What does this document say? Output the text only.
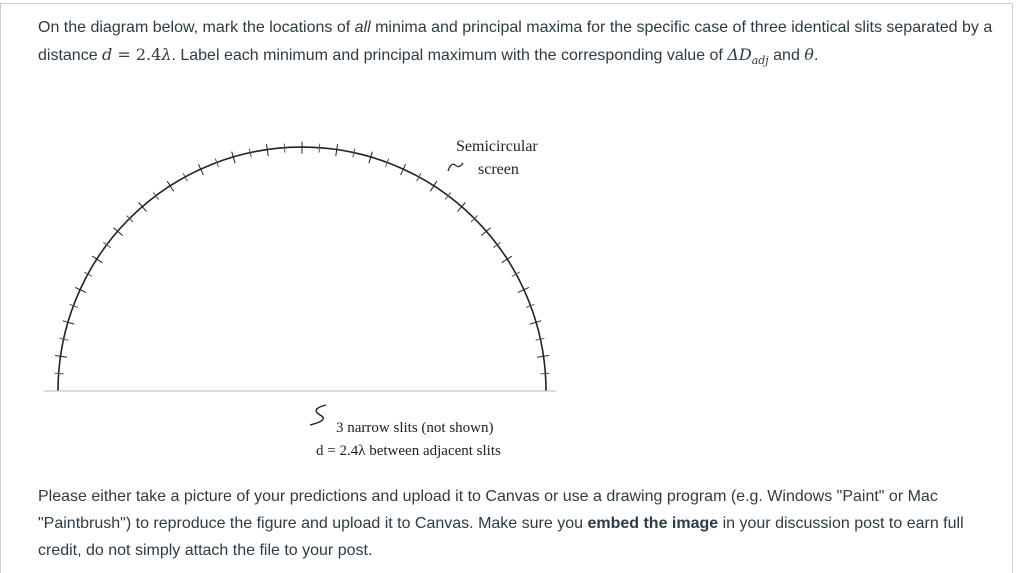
On the diagram below, mark the locations of all minima and principal maxima for the specific case of three identical slits separated by a distance d = 2.4λ. Label each minimum and principal maximum with the corresponding value of $\Delta D_{adj}$ and θ.

Semicircular
screen
3 narrow slits (not shown)
d = 2.4λ between adjacent slits

Please either take a picture of your predictions and upload it to Canvas or use a drawing program (e.g. Windows "Paint" or Mac "Paintbrush") to reproduce the figure and upload it to Canvas. Make sure you embed the image in your discussion post to earn full credit, do not simply attach the file to your post.
